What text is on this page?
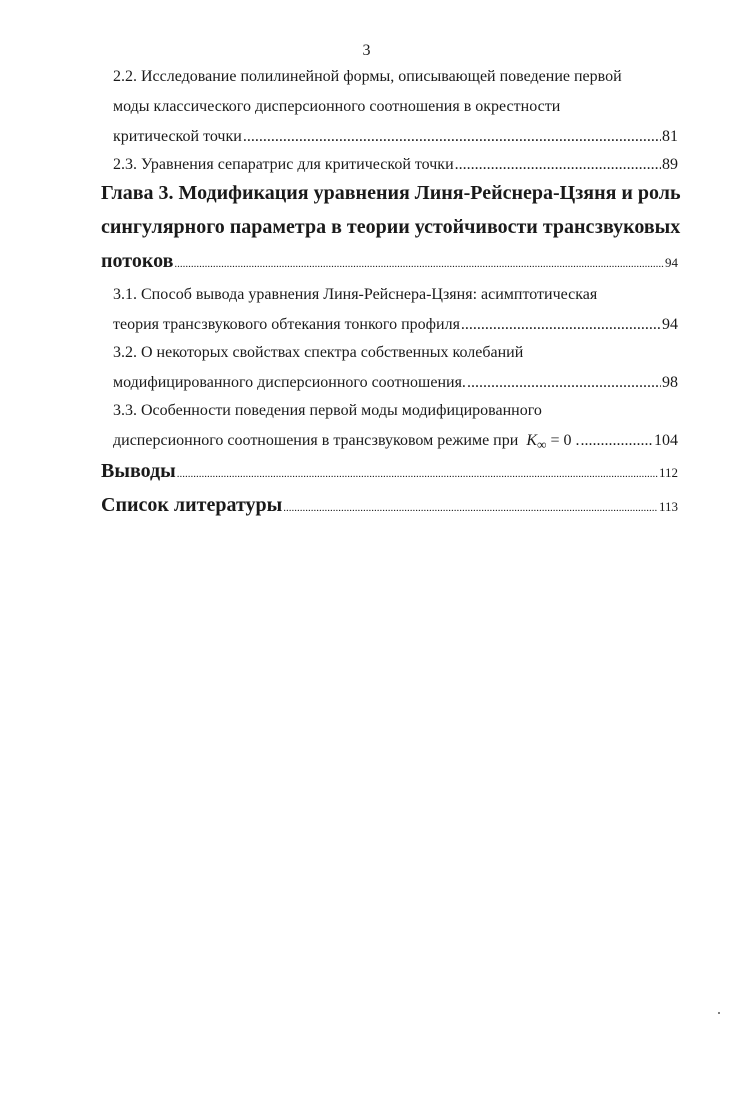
3
2.2. Исследование полилинейной формы, описывающей поведение первой
моды классического дисперсионного соотношения в окрестности
критической точки .....	81
2.3. Уравнения сепаратрис для критической точки .....	89
Глава 3. Модификация уравнения Линя-Рейснера-Цзяня и роль
сингулярного параметра в теории устойчивости трансзвуковых
потоков .....	94
3.1. Способ вывода уравнения Линя-Рейснера-Цзяня: асимптотическая
теория трансзвукового обтекания тонкого профиля .....	94
3.2. О некоторых свойствах спектра собственных колебаний
модифицированного дисперсионного соотношения. .....	98
3.3. Особенности поведения первой моды модифицированного
дисперсионного соотношения в трансзвуковом режиме при $K_\infty = 0$ . .....	104
Выводы .....	112
Список литературы .....	113
